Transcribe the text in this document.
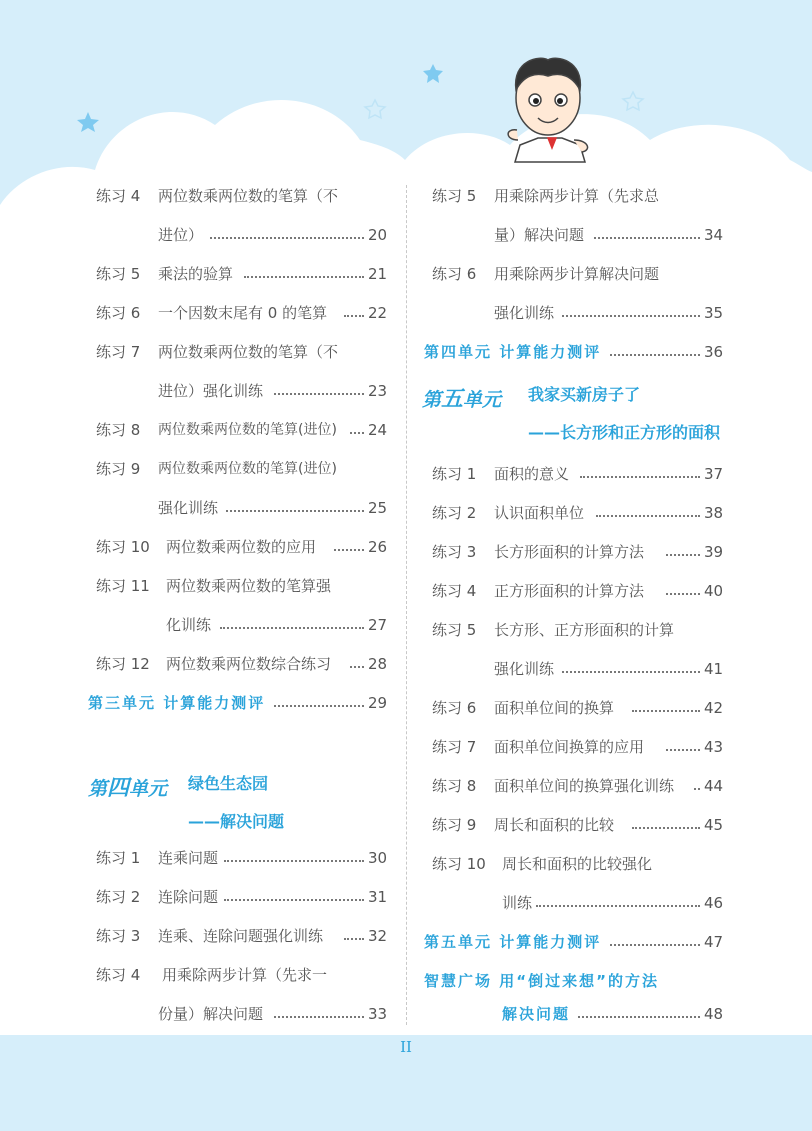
练习 4 两位数乘两位数的笔算（不
进位）	20
练习 5 乘法的验算	21
练习 6 一个因数末尾有 0 的笔算	22
练习 7 两位数乘两位数的笔算（不
进位）强化训练	23
练习 8 两位数乘两位数的笔算(进位) 24
练习 9 两位数乘两位数的笔算(进位)
强化训练	25
练习 10 两位数乘两位数的应用	26
练习 11 两位数乘两位数的笔算强
化训练	27
练习 12 两位数乘两位数综合练习 28
第三单元 计算能力测评	29
第四单元 绿色生态园
——解决问题
练习 1 连乘问题	30
练习 2 连除问题	31
练习 3 连乘、连除问题强化训练	32
练习 4 用乘除两步计算（先求一
份量）解决问题	33
练习 5 用乘除两步计算（先求总
量）解决问题	34
练习 6 用乘除两步计算解决问题
强化训练	35
第四单元 计算能力测评	36
第五单元 我家买新房子了
——长方形和正方形的面积
练习 1 面积的意义	37
练习 2 认识面积单位	38
练习 3 长方形面积的计算方法	39
练习 4 正方形面积的计算方法	40
练习 5 长方形、正方形面积的计算
强化训练	41
练习 6 面积单位间的换算	42
练习 7 面积单位间换算的应用	43
练习 8 面积单位间的换算强化训练 44
练习 9 周长和面积的比较	45
练习 10 周长和面积的比较强化
训练	46
第五单元 计算能力测评	47
智慧广场 用“倒过来想”的方法
解决问题	48
II
